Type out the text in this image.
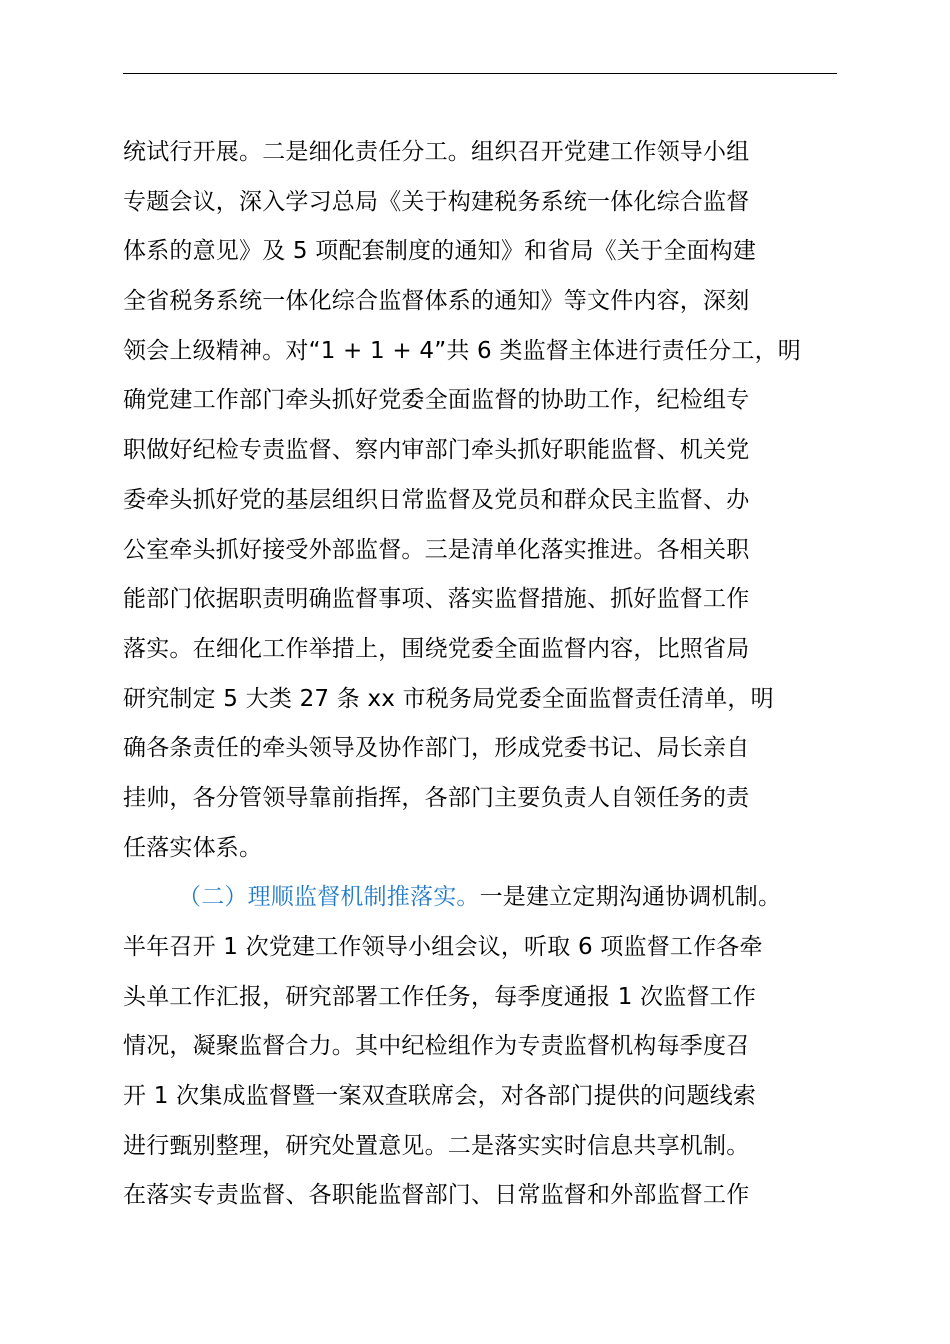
统试行开展。二是细化责任分工。组织召开党建工作领导小组
专题会议，深入学习总局《关于构建税务系统一体化综合监督
体系的意见》及 5 项配套制度的通知》和省局《关于全面构建
全省税务系统一体化综合监督体系的通知》等文件内容，深刻
领会上级精神。对“1 + 1 + 4”共 6 类监督主体进行责任分工，明
确党建工作部门牵头抓好党委全面监督的协助工作，纪检组专
职做好纪检专责监督、察内审部门牵头抓好职能监督、机关党
委牵头抓好党的基层组织日常监督及党员和群众民主监督、办
公室牵头抓好接受外部监督。三是清单化落实推进。各相关职
能部门依据职责明确监督事项、落实监督措施、抓好监督工作
落实。在细化工作举措上，围绕党委全面监督内容，比照省局
研究制定 5 大类 27 条 xx 市税务局党委全面监督责任清单，明
确各条责任的牵头领导及协作部门，形成党委书记、局长亲自
挂帅，各分管领导靠前指挥，各部门主要负责人自领任务的责
任落实体系。
（二）理顺监督机制推落实。一是建立定期沟通协调机制。
半年召开 1 次党建工作领导小组会议，听取 6 项监督工作各牵
头单工作汇报，研究部署工作任务，每季度通报 1 次监督工作
情况，凝聚监督合力。其中纪检组作为专责监督机构每季度召
开 1 次集成监督暨一案双查联席会，对各部门提供的问题线索
进行甄别整理，研究处置意见。二是落实实时信息共享机制。
在落实专责监督、各职能监督部门、日常监督和外部监督工作
